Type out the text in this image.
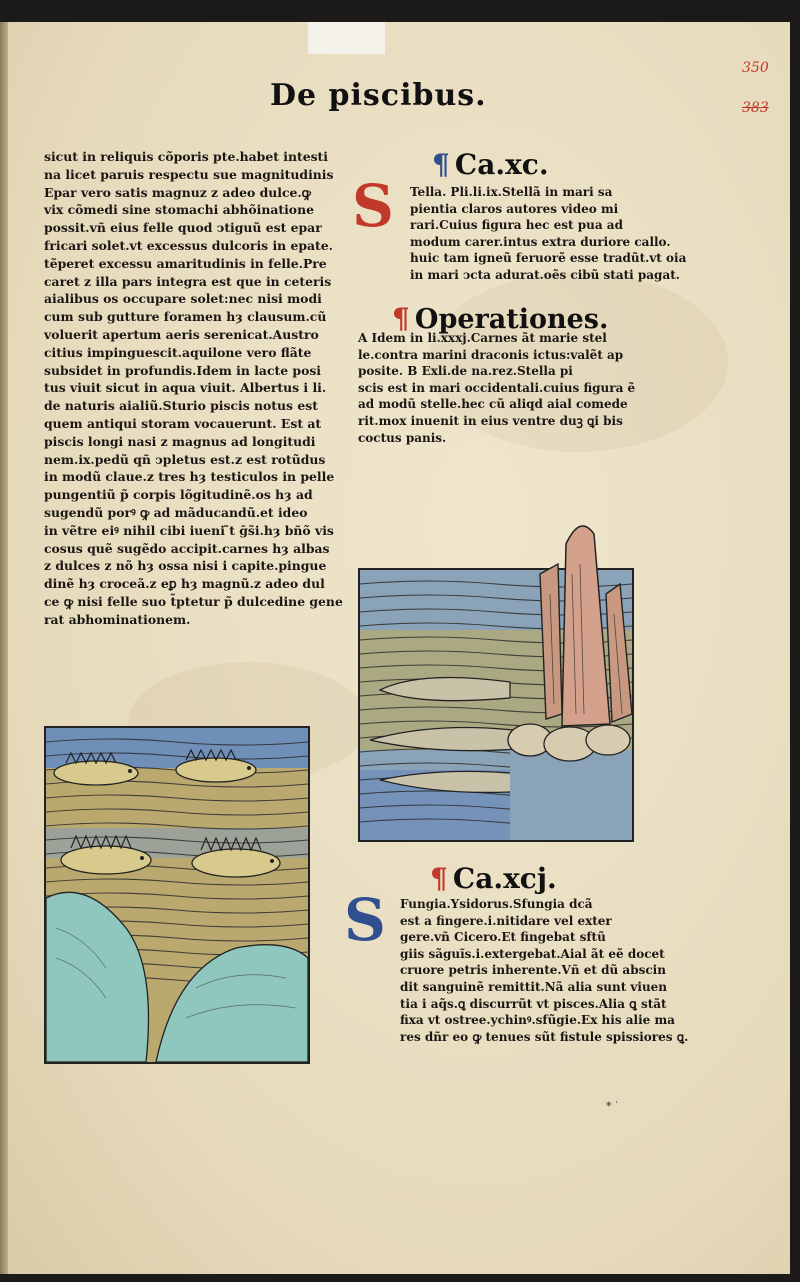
350
383
De piscibus.
sicut in reliquis cõporis pte.habet intesti
na licet paruis respectu sue magnitudinis
Epar vero satis magnuz z adeo dulce.ꝙ
vix cõmedi sine stomachi abhõinatione
possit.vñ eius felle quod ↄtiguũ est epar
fricari solet.vt excessus dulcoris in epate.
tẽperet excessu amaritudinis in felle.Pre
caret z illa pars integra est que in ceteris
aialibus os occupare solet:nec nisi modi
cum sub gutture foramen hȝ clausum.cũ
voluerit apertum aeris serenicat.Austro
citius impinguescit.aquilone vero flãte
subsidet in profundis.Idem in lacte posi
tus viuit sicut in aqua viuit. Albertus i li.
de naturis aialiũ.Sturio piscis notus est
quem antiqui storam vocauerunt. Est at
piscis longi nasi z magnus ad longitudi
nem.ix.pedũ qñ ↄpletus est.z est rotũdus
in modũ claue.z tres hȝ testiculos in pelle
pungentiũ p̃ corpis lõgitudinẽ.os hȝ ad
sugendũ porꝰ ꝙ ad mãducandũ.et ideo
in vẽtre eiꝰ nihil cibi iueni ̃t ḡs̃i.hȝ bñõ vis
cosus quẽ sugẽdo accipit.carnes hȝ albas
z dulces z nõ hȝ ossa nisi i capite.pingue
dinẽ hȝ croceã.z eꝑ hȝ magnũ.z adeo dul
ce ꝙ nisi felle suo t̃ptetur p̃ dulcedine gene
rat abhominationem.
¶ Ca.xc.
S Tella. Pli.li.ix.Stellã in mari sa
pientia claros autores video mi
rari.Cuius figura hec est pua ad
modum carer.intus extra duriore callo.
huic tam igneũ feruorẽ esse tradũt.vt oia
in mari ↄcta adurat.oẽs cibũ stati pagat.
¶ Operationes.
A Idem in li.xxxj.Carnes ãt marie stel
le.contra marini draconis ictus:valẽt ap
posite. B Exli.de na.rez.Stella pi
scis est in mari occidentali.cuius figura ẽ
ad modũ stelle.hec cũ aliqd aial comede
rit.mox inuenit in eius ventre duꝫ ꝗi bis
coctus panis.
¶ Ca.xcj.
S Fungia.Ysidorus.Sfungia dcã
est a fingere.i.nitidare vel exter
gere.vñ Cicero.Et fingebat sftũ
giis sãguĩs.i.extergebat.Aial ãt eẽ docet
cruore petris inherente.Vñ et dũ abscin
dit sanguinẽ remittit.Nã alia sunt viuen
tia i aq̃s.ꝗ discurrũt vt pisces.Alia ꝗ stãt
fixa vt ostree.ychinꝰ.sfũgie.Ex his alie ma
res dñr eo ꝙ tenues sũt fistule spissiores ꝗ.
⁎ ᐧ
